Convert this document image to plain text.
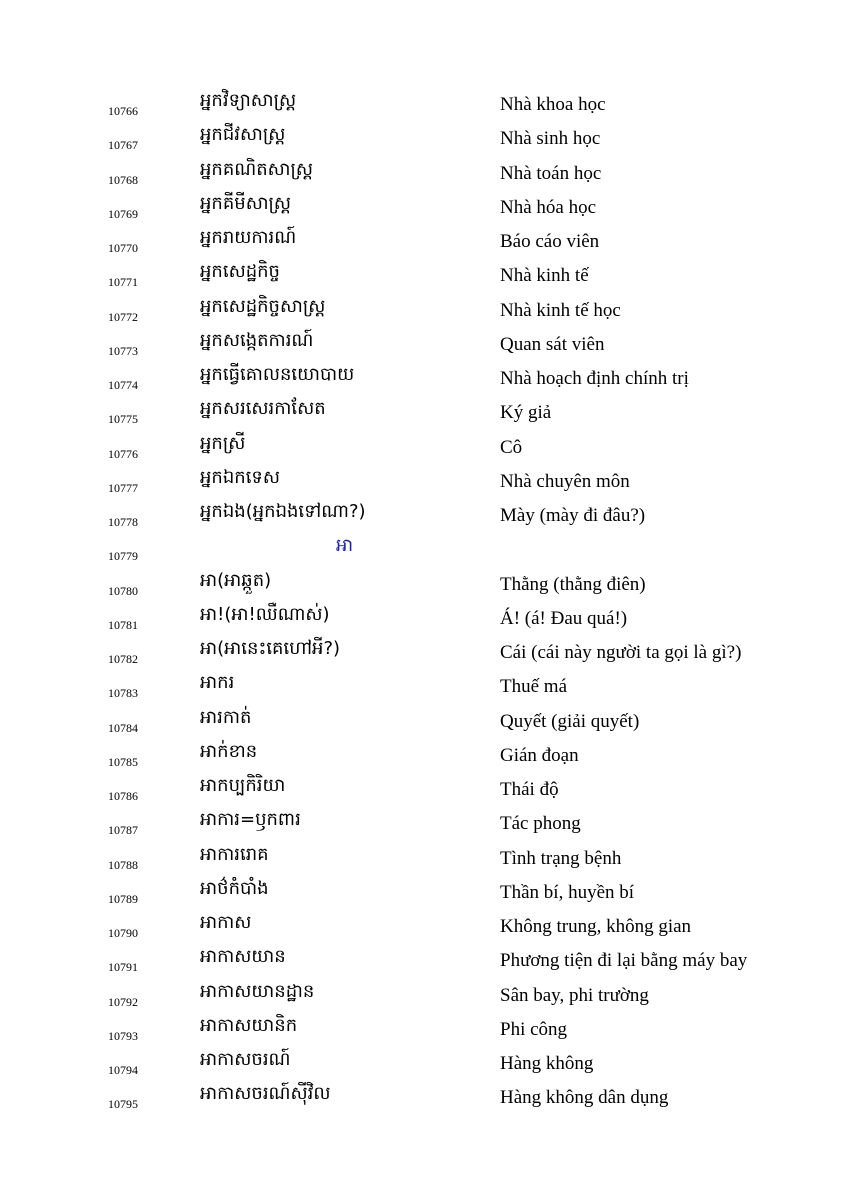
10766	អ្នកវិទ្យាសាស្ត្រ	Nhà khoa học
10767	អ្នកជីវសាស្ត្រ	Nhà sinh học
10768	អ្នកគណិតសាស្ត្រ	Nhà toán học
10769	អ្នកគីមីសាស្ត្រ	Nhà hóa học
10770	អ្នករាយការណ៍	Báo cáo viên
10771	អ្នកសេដ្ឋកិច្ច	Nhà kinh tế
10772	អ្នកសេដ្ឋកិច្ចសាស្ត្រ	Nhà kinh tế học
10773	អ្នកសង្កេតការណ៍	Quan sát viên
10774	អ្នកធ្វើគោលនយោបាយ	Nhà hoạch định chính trị
10775	អ្នកសរសេរកាសែត	Ký giả
10776	អ្នកស្រី	Cô
10777	អ្នកឯកទេស	Nhà chuyên môn
10778	អ្នកឯង(អ្នកឯងទៅណា?)	Mày (mày đi đâu?)
10779	អា
10780	អា(អាឆ្កួត)	Thằng (thằng điên)
10781	អា!(អា!ឈឺណាស់)	Á! (á! Đau quá!)
10782	អា(អានេះគេហៅអី?)	Cái (cái này người ta gọi là gì?)
10783	អាករ	Thuế má
10784	អារកាត់	Quyết (giải quyết)
10785	អាក់ខាន	Gián đoạn
10786	អាកប្បកិរិយា	Thái độ
10787	អាការ=ឫកពារ	Tác phong
10788	អាការរោគ	Tình trạng bệnh
10789	អាថ៌កំបាំង	Thần bí, huyền bí
10790	អាកាស	Không trung, không gian
10791	អាកាសយាន	Phương tiện đi lại bằng máy bay
10792	អាកាសយានដ្ឋាន	Sân bay, phi trường
10793	អាកាសយានិក	Phi công
10794	អាកាសចរណ៍	Hàng không
10795	អាកាសចរណ៍ស៊ីវិល	Hàng không dân dụng
